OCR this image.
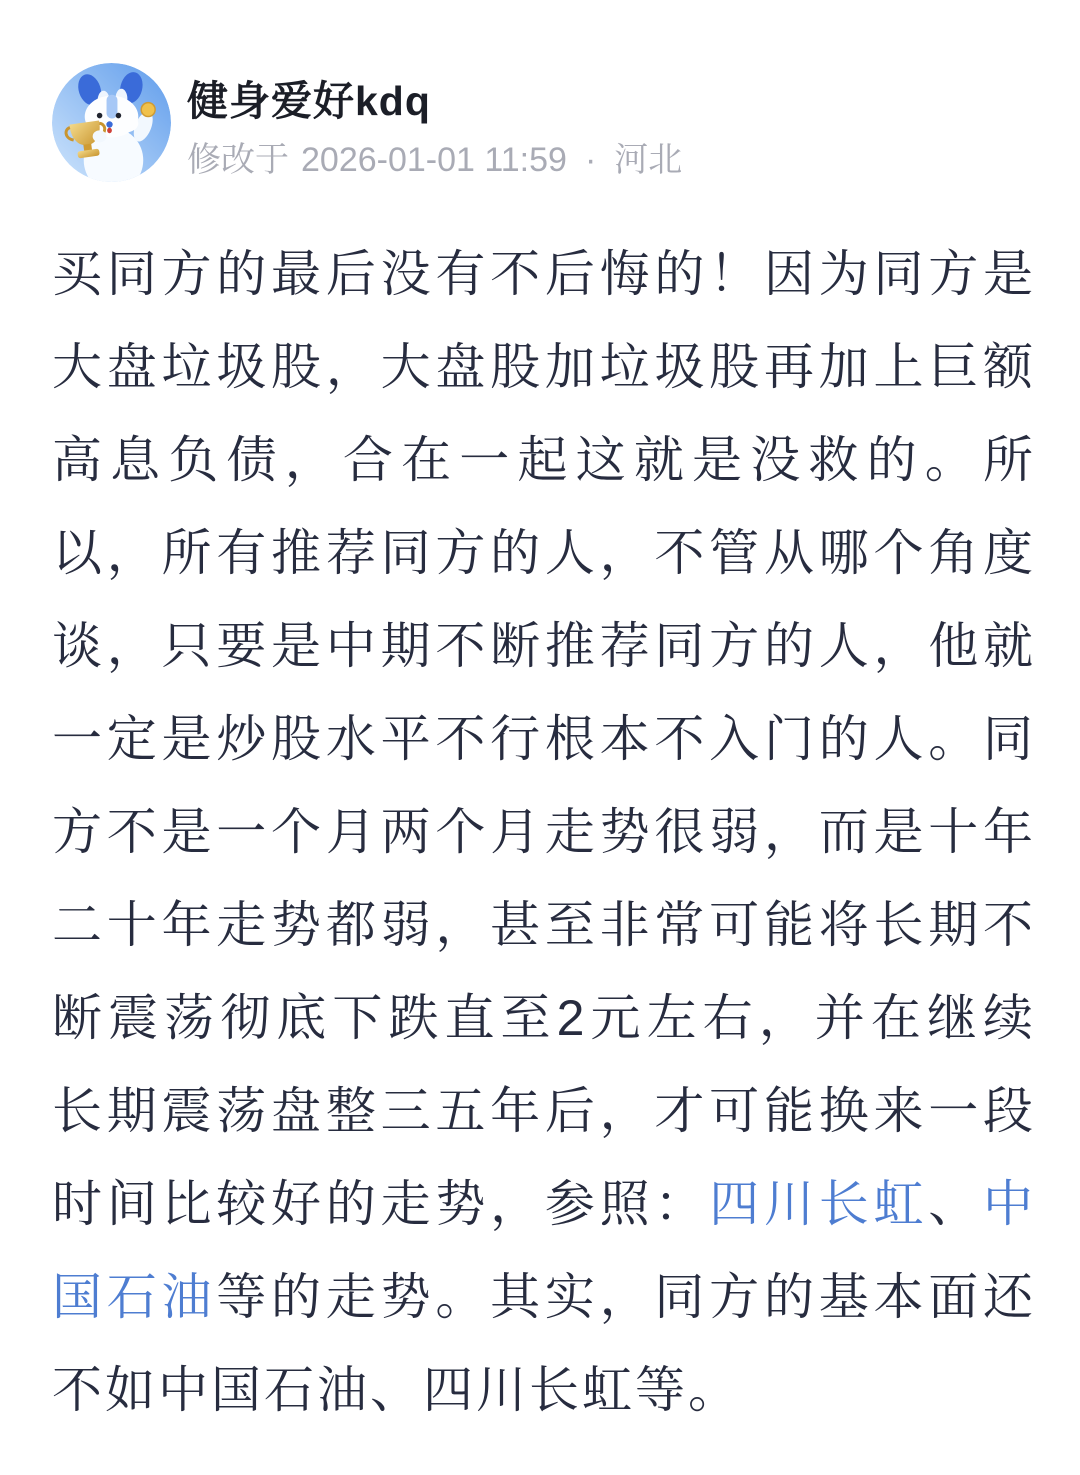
健身爱好kdq
修改于 2026-01-01 11:59 · 河北
买同方的最后没有不后悔的！因为同方是大盘垃圾股，大盘股加垃圾股再加上巨额高息负债，合在一起这就是没救的。所以，所有推荐同方的人，不管从哪个角度谈，只要是中期不断推荐同方的人，他就一定是炒股水平不行根本不入门的人。同方不是一个月两个月走势很弱，而是十年二十年走势都弱，甚至非常可能将长期不断震荡彻底下跌直至2元左右，并在继续长期震荡盘整三五年后，才可能换来一段时间比较好的走势，参照：四川长虹、中国石油等的走势。其实，同方的基本面还不如中国石油、四川长虹等。
